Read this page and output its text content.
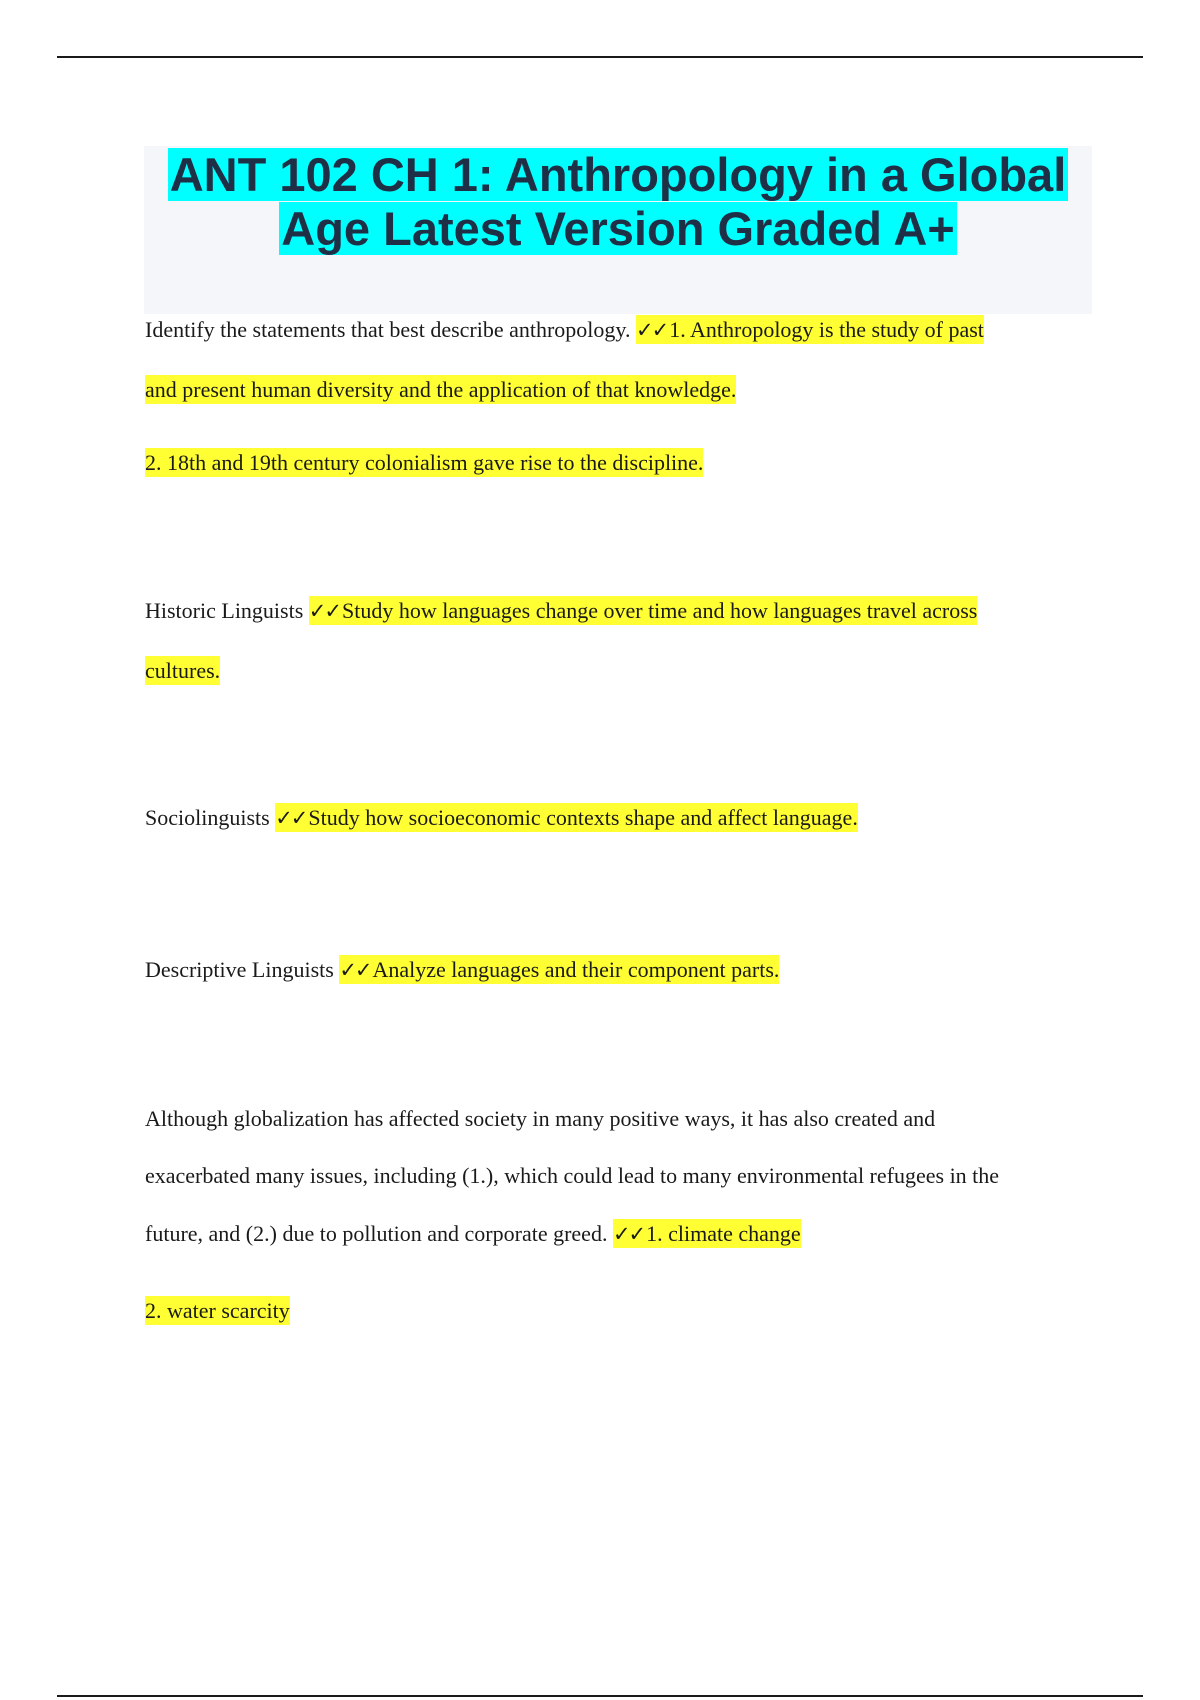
ANT 102 CH 1: Anthropology in a Global
Age Latest Version Graded A+
Identify the statements that best describe anthropology. ✓✓1. Anthropology is the study of past
and present human diversity and the application of that knowledge.
2. 18th and 19th century colonialism gave rise to the discipline.
Historic Linguists ✓✓Study how languages change over time and how languages travel across
cultures.
Sociolinguists ✓✓Study how socioeconomic contexts shape and affect language.
Descriptive Linguists ✓✓Analyze languages and their component parts.
Although globalization has affected society in many positive ways, it has also created and
exacerbated many issues, including (1.), which could lead to many environmental refugees in the
future, and (2.) due to pollution and corporate greed. ✓✓1. climate change
2. water scarcity
